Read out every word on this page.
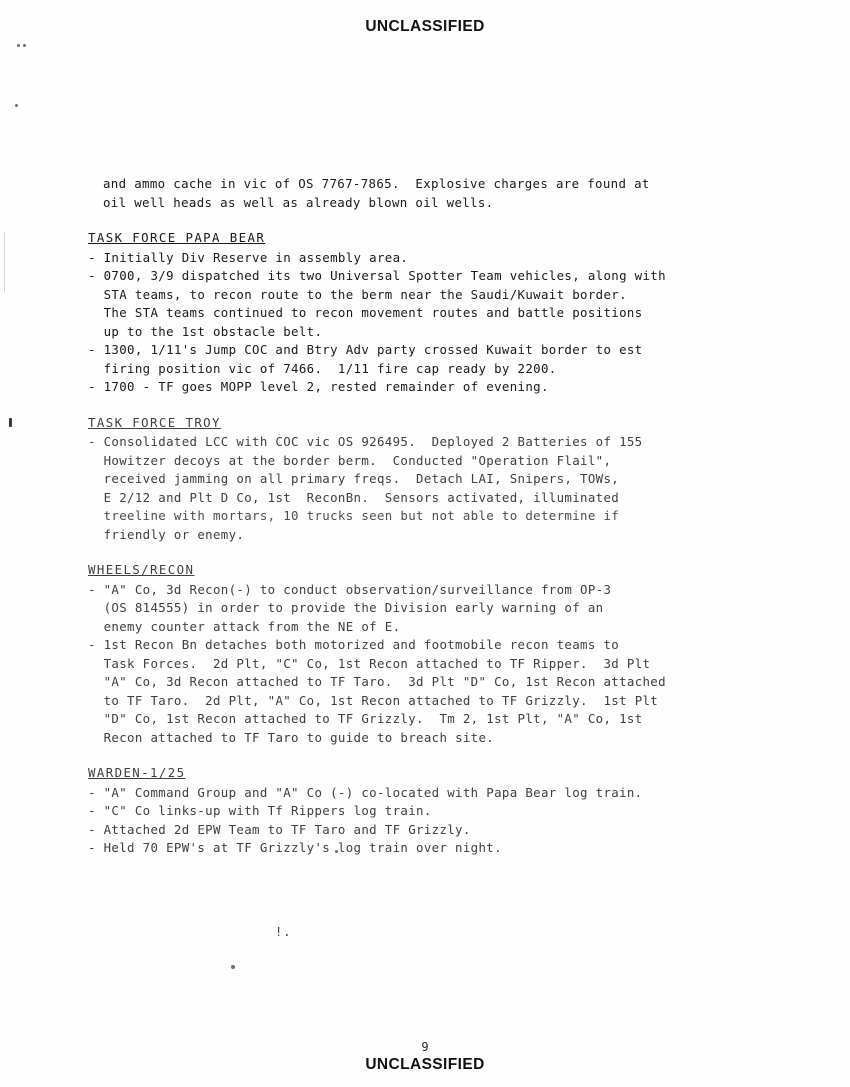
UNCLASSIFIED
!.
and ammo cache in vic of OS 7767-7865.  Explosive charges are found at
oil well heads as well as already blown oil wells.
TASK FORCE PAPA BEAR
- Initially Div Reserve in assembly area.
- 0700, 3/9 dispatched its two Universal Spotter Team vehicles, along with
STA teams, to recon route to the berm near the Saudi/Kuwait border.
The STA teams continued to recon movement routes and battle positions
up to the 1st obstacle belt.
- 1300, 1/11's Jump COC and Btry Adv party crossed Kuwait border to est
firing position vic of 7466.  1/11 fire cap ready by 2200.
- 1700 - TF goes MOPP level 2, rested remainder of evening.
TASK FORCE TROY
- Consolidated LCC with COC vic OS 926495.  Deployed 2 Batteries of 155
Howitzer decoys at the border berm.  Conducted "Operation Flail",
received jamming on all primary freqs.  Detach LAI, Snipers, TOWs,
E 2/12 and Plt D Co, 1st  ReconBn.  Sensors activated, illuminated
treeline with mortars, 10 trucks seen but not able to determine if
friendly or enemy.
WHEELS/RECON
- "A" Co, 3d Recon(-) to conduct observation/surveillance from OP-3
(OS 814555) in order to provide the Division early warning of an
enemy counter attack from the NE of E.
- 1st Recon Bn detaches both motorized and footmobile recon teams to
Task Forces.  2d Plt, "C" Co, 1st Recon attached to TF Ripper.  3d Plt
"A" Co, 3d Recon attached to TF Taro.  3d Plt "D" Co, 1st Recon attached
to TF Taro.  2d Plt, "A" Co, 1st Recon attached to TF Grizzly.  1st Plt
"D" Co, 1st Recon attached to TF Grizzly.  Tm 2, 1st Plt, "A" Co, 1st
Recon attached to TF Taro to guide to breach site.
WARDEN-1/25
- "A" Command Group and "A" Co (-) co-located with Papa Bear log train.
- "C" Co links-up with Tf Rippers log train.
- Attached 2d EPW Team to TF Taro and TF Grizzly.
- Held 70 EPW's at TF Grizzly's log train over night.
9
UNCLASSIFIED
